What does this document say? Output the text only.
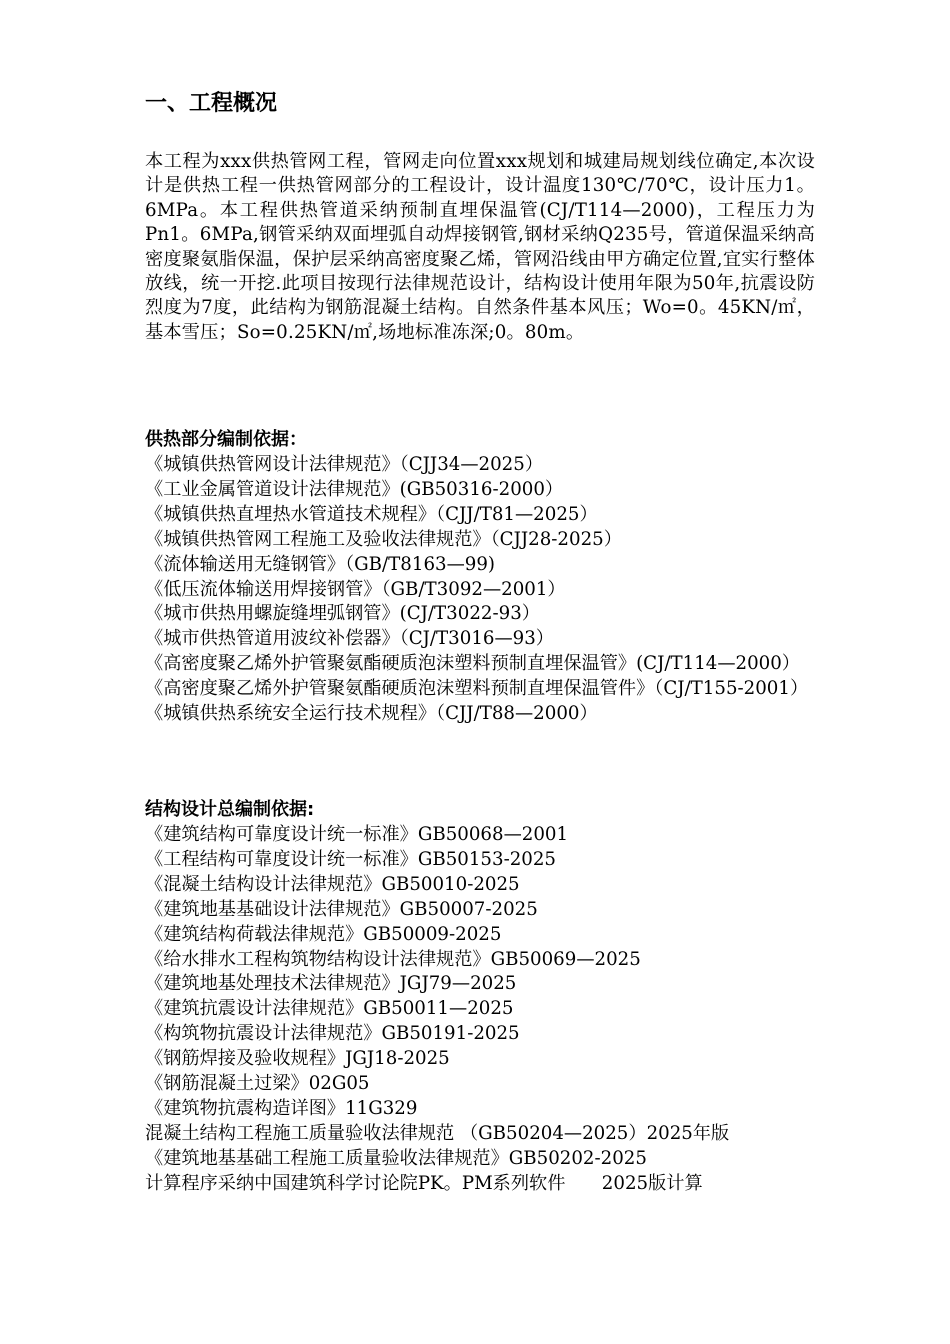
一、工程概况

本工程为xxx供热管网工程，管网走向位置xxx规划和城建局规划线位确定,本次设计是供热工程一供热管网部分的工程设计，设计温度130℃/70℃，设计压力1。6MPa。本工程供热管道采纳预制直埋保温管(CJ/T114—2000)，工程压力为Pn1。6MPa,钢管采纳双面埋弧自动焊接钢管,钢材采纳Q235号，管道保温采纳高密度聚氨脂保温，保护层采纳高密度聚乙烯，管网沿线由甲方确定位置,宜实行整体放线，统一开挖.此项目按现行法律规范设计，结构设计使用年限为50年,抗震设防烈度为7度，此结构为钢筋混凝土结构。自然条件基本风压；Wo=0。45KN/㎡，基本雪压；So=0.25KN/㎡,场地标准冻深;0。80m。

供热部分编制依据：
《城镇供热管网设计法律规范》（CJJ34—2025）
《工业金属管道设计法律规范》(GB50316-2000）
《城镇供热直埋热水管道技术规程》（CJJ/T81—2025）
《城镇供热管网工程施工及验收法律规范》（CJJ28-2025）
《流体输送用无缝钢管》（GB/T8163—99)
《低压流体输送用焊接钢管》（GB/T3092—2001）
《城市供热用螺旋缝埋弧钢管》(CJ/T3022-93）
《城市供热管道用波纹补偿器》（CJ/T3016—93）
《高密度聚乙烯外护管聚氨酯硬质泡沫塑料预制直埋保温管》(CJ/T114—2000）
《高密度聚乙烯外护管聚氨酯硬质泡沫塑料预制直埋保温管件》（CJ/T155-2001）
《城镇供热系统安全运行技术规程》（CJJ/T88—2000）
结构设计总编制依据:
《建筑结构可靠度设计统一标准》GB50068—2001
《工程结构可靠度设计统一标准》GB50153-2025
《混凝土结构设计法律规范》GB50010-2025
《建筑地基基础设计法律规范》GB50007-2025
《建筑结构荷载法律规范》GB50009-2025
《给水排水工程构筑物结构设计法律规范》GB50069—2025
《建筑地基处理技术法律规范》JGJ79—2025
《建筑抗震设计法律规范》GB50011—2025
《构筑物抗震设计法律规范》GB50191-2025
《钢筋焊接及验收规程》JGJ18-2025
《钢筋混凝土过梁》02G05
《建筑物抗震构造详图》11G329
混凝土结构工程施工质量验收法律规范 （GB50204—2025）2025年版
《建筑地基基础工程施工质量验收法律规范》GB50202-2025
计算程序采纳中国建筑科学讨论院PK。PM系列软件　　2025版计算
